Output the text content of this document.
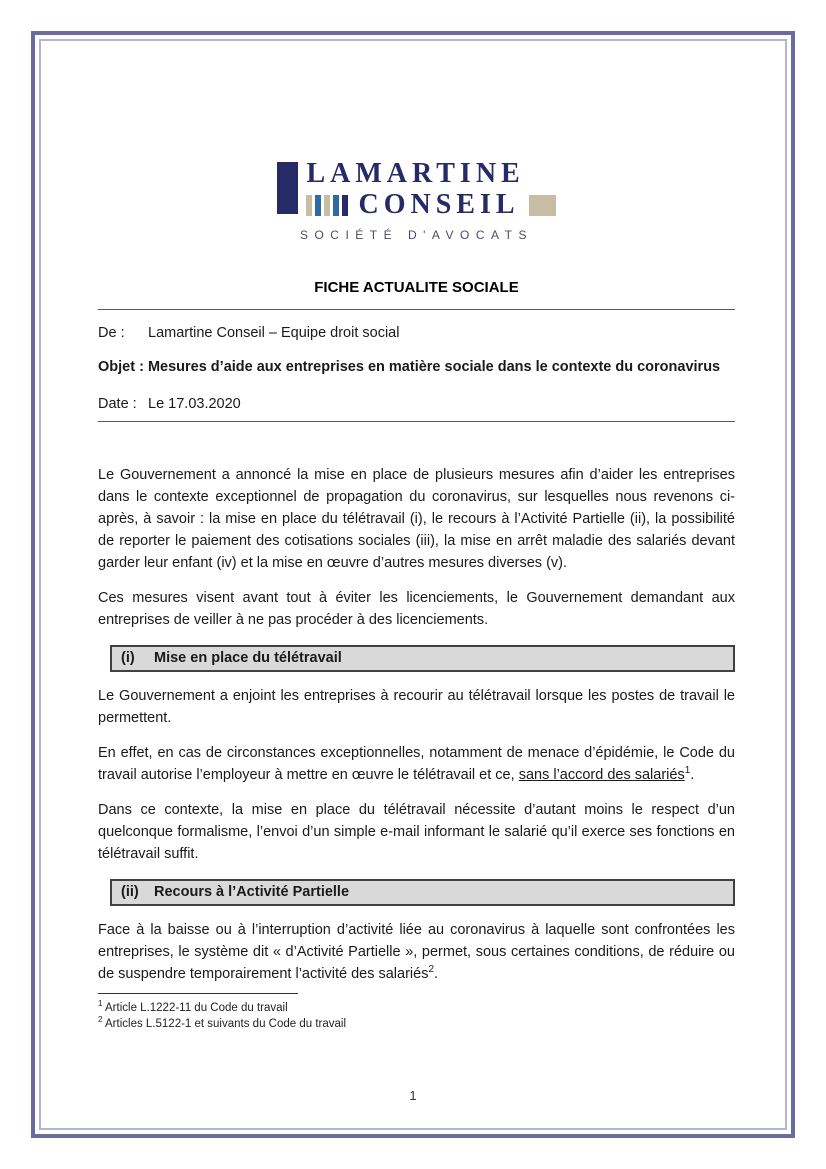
LAMARTINE
CONSEIL
SOCIÉTÉ D'AVOCATS
FICHE ACTUALITE SOCIALE
De :	Lamartine Conseil – Equipe droit social

Objet : Mesures d’aide aux entreprises en matière sociale dans le contexte du coronavirus

Date : Le 17.03.2020

Le Gouvernement a annoncé la mise en place de plusieurs mesures afin d’aider les entreprises dans le contexte exceptionnel de propagation du coronavirus, sur lesquelles nous revenons ci-après, à savoir : la mise en place du télétravail (i), le recours à l’Activité Partielle (ii), la possibilité de reporter le paiement des cotisations sociales (iii), la mise en arrêt maladie des salariés devant garder leur enfant (iv) et la mise en œuvre d’autres mesures diverses (v).

Ces mesures visent avant tout à éviter les licenciements, le Gouvernement demandant aux entreprises de veiller à ne pas procéder à des licenciements.

(i)	Mise en place du télétravail

Le Gouvernement a enjoint les entreprises à recourir au télétravail lorsque les postes de travail le permettent.

En effet, en cas de circonstances exceptionnelles, notamment de menace d’épidémie, le Code du travail autorise l’employeur à mettre en œuvre le télétravail et ce, sans l’accord des salariés$^1$.

Dans ce contexte, la mise en place du télétravail nécessite d’autant moins le respect d’un quelconque formalisme, l’envoi d’un simple e-mail informant le salarié qu’il exerce ses fonctions en télétravail suffit.

(ii)	Recours à l’Activité Partielle

Face à la baisse ou à l’interruption d’activité liée au coronavirus à laquelle sont confrontées les entreprises, le système dit « d’Activité Partielle », permet, sous certaines conditions, de réduire ou de suspendre temporairement l’activité des salariés$^2$.

$^1$ Article L.1222-11 du Code du travail
$^2$ Articles L.5122-1 et suivants du Code du travail
1
